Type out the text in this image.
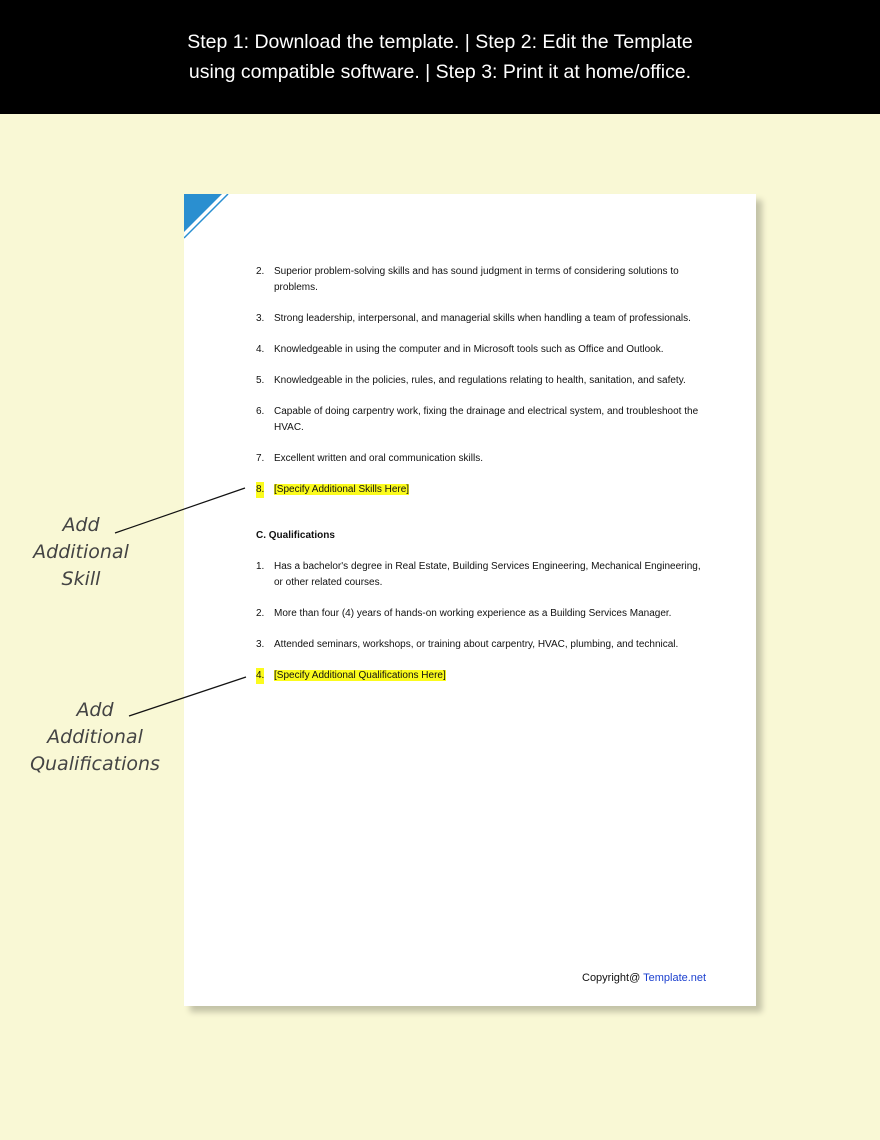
Step 1: Download the template. | Step 2: Edit the Template
using compatible software. | Step 3: Print it at home/office.
2. Superior problem-solving skills and has sound judgment in terms of considering solutions to problems.
3. Strong leadership, interpersonal, and managerial skills when handling a team of professionals.
4. Knowledgeable in using the computer and in Microsoft tools such as Office and Outlook.
5. Knowledgeable in the policies, rules, and regulations relating to health, sanitation, and safety.
6. Capable of doing carpentry work, fixing the drainage and electrical system, and troubleshoot the HVAC.
7. Excellent written and oral communication skills.
8. [Specify Additional Skills Here]
C. Qualifications
1. Has a bachelor's degree in Real Estate, Building Services Engineering, Mechanical Engineering, or other related courses.
2. More than four (4) years of hands-on working experience as a Building Services Manager.
3. Attended seminars, workshops, or training about carpentry, HVAC, plumbing, and technical.
4. [Specify Additional Qualifications Here]
Copyright@ Template.net
Add
Additional
Skill
Add
Additional
Qualifications
